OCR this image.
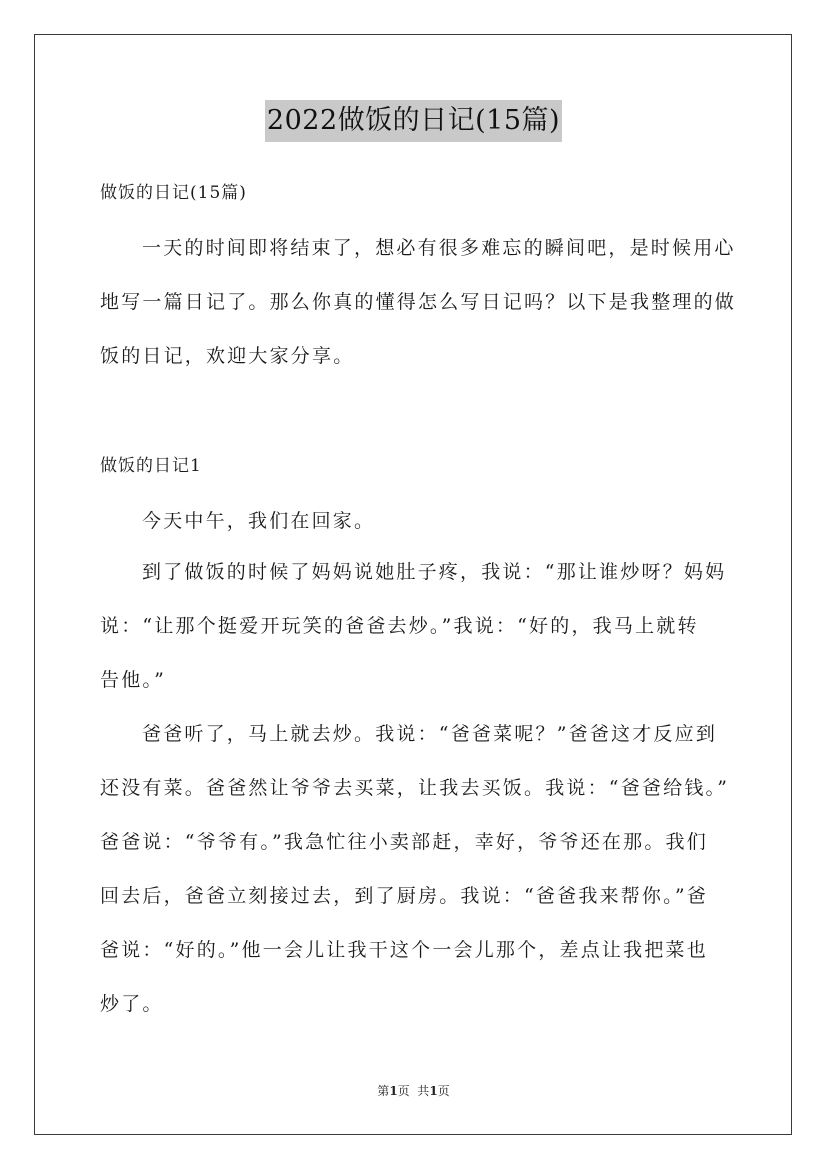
2022做饭的日记(15篇)
做饭的日记(15篇)
一天的时间即将结束了，想必有很多难忘的瞬间吧，是时候用心
地写一篇日记了。那么你真的懂得怎么写日记吗？以下是我整理的做
饭的日记，欢迎大家分享。
做饭的日记1
今天中午，我们在回家。
到了做饭的时候了妈妈说她肚子疼，我说：“那让谁炒呀？妈妈
说：“让那个挺爱开玩笑的爸爸去炒。”我说：“好的，我马上就转
告他。”
爸爸听了，马上就去炒。我说：“爸爸菜呢？”爸爸这才反应到
还没有菜。爸爸然让爷爷去买菜，让我去买饭。我说：“爸爸给钱。”
爸爸说：“爷爷有。”我急忙往小卖部赶，幸好，爷爷还在那。我们
回去后，爸爸立刻接过去，到了厨房。我说：“爸爸我来帮你。”爸
爸说：“好的。”他一会儿让我干这个一会儿那个，差点让我把菜也
炒了。
第1页  共1页
